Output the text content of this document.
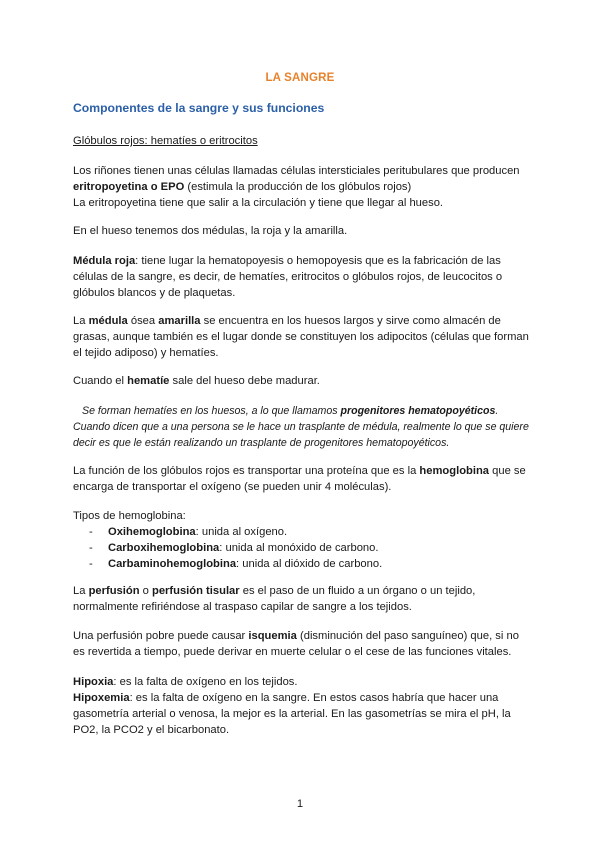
LA SANGRE
Componentes de la sangre y sus funciones
Glóbulos rojos: hematíes o eritrocitos

Los riñones tienen unas células llamadas células intersticiales peritubulares que producen
eritropoyetina o EPO (estimula la producción de los glóbulos rojos)
La eritropoyetina tiene que salir a la circulación y tiene que llegar al hueso.

En el hueso tenemos dos médulas, la roja y la amarilla.

Médula roja: tiene lugar la hematopoyesis o hemopoyesis que es la fabricación de las células de la sangre, es decir, de hematíes, eritrocitos o glóbulos rojos, de leucocitos o glóbulos blancos y de plaquetas.

La médula ósea amarilla se encuentra en los huesos largos y sirve como almacén de grasas, aunque también es el lugar donde se constituyen los adipocitos (células que forman el tejido adiposo) y hematíes.

Cuando el hematíe sale del hueso debe madurar.

Se forman hematíes en los huesos, a lo que llamamos progenitores hematopoyéticos. Cuando dicen que a una persona se le hace un trasplante de médula, realmente lo que se quiere decir es que le están realizando un trasplante de progenitores hematopoyéticos.

La función de los glóbulos rojos es transportar una proteína que es la hemoglobina que se encarga de transportar el oxígeno (se pueden unir 4 moléculas).

Tipos de hemoglobina:

- Oxihemoglobina: unida al oxígeno.
- Carboxihemoglobina: unida al monóxido de carbono.
- Carbaminohemoglobina: unida al dióxido de carbono.

La perfusión o perfusión tisular es el paso de un fluido a un órgano o un tejido, normalmente refiriéndose al traspaso capilar de sangre a los tejidos.

Una perfusión pobre puede causar isquemia (disminución del paso sanguíneo) que, si no es revertida a tiempo, puede derivar en muerte celular o el cese de las funciones vitales.

Hipoxia: es la falta de oxígeno en los tejidos.
Hipoxemia: es la falta de oxígeno en la sangre. En estos casos habría que hacer una gasometría arterial o venosa, la mejor es la arterial. En las gasometrías se mira el pH, la PO2, la PCO2 y el bicarbonato.

1
